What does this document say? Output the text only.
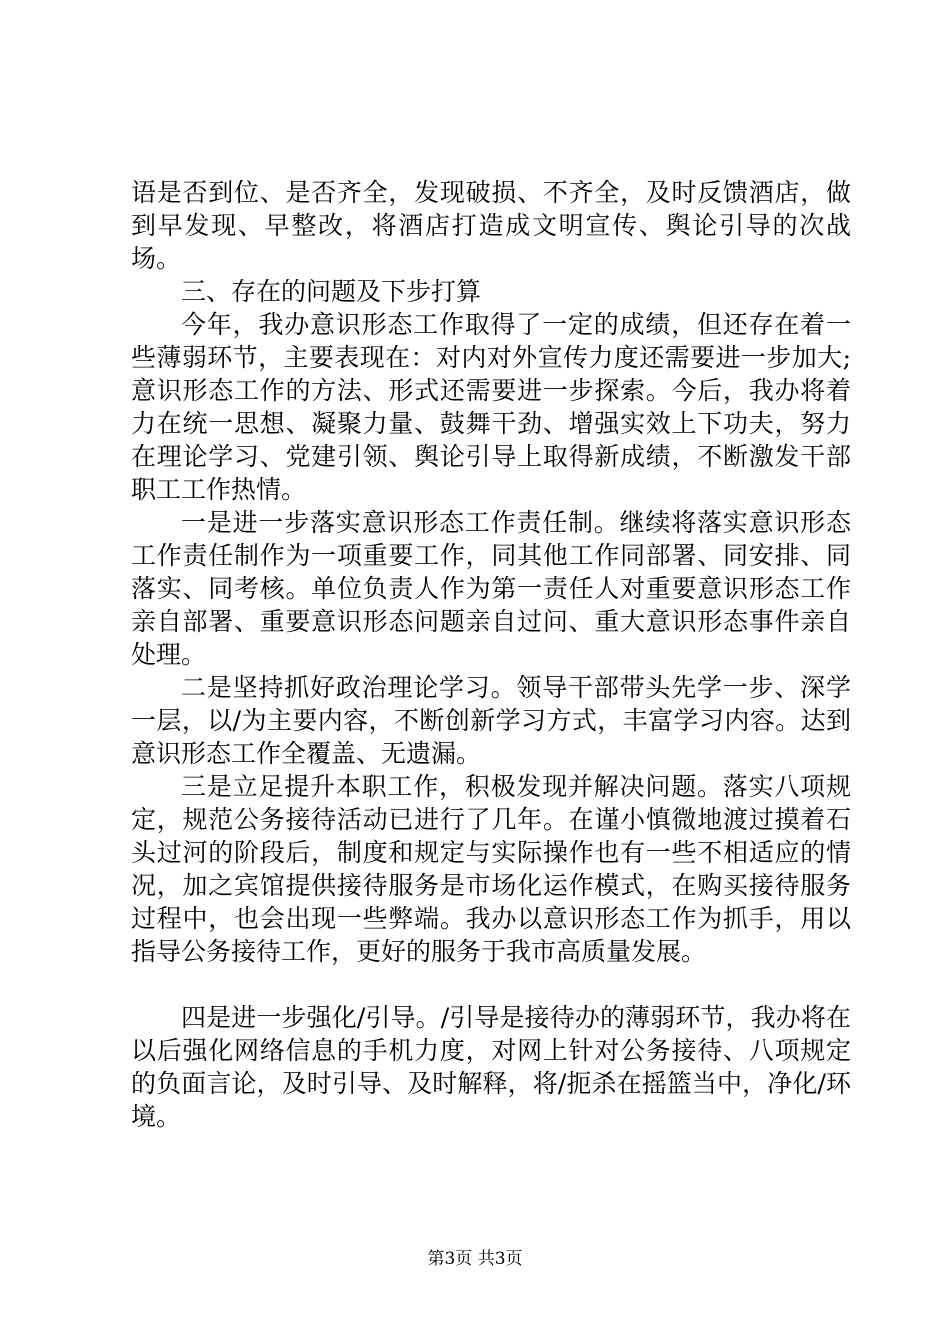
语是否到位、是否齐全，发现破损、不齐全，及时反馈酒店，做到早发现、早整改，将酒店打造成文明宣传、舆论引导的次战场。

三、存在的问题及下步打算

今年，我办意识形态工作取得了一定的成绩，但还存在着一些薄弱环节，主要表现在：对内对外宣传力度还需要进一步加大;意识形态工作的方法、形式还需要进一步探索。今后，我办将着力在统一思想、凝聚力量、鼓舞干劲、增强实效上下功夫，努力在理论学习、党建引领、舆论引导上取得新成绩，不断激发干部职工工作热情。

一是进一步落实意识形态工作责任制。继续将落实意识形态工作责任制作为一项重要工作，同其他工作同部署、同安排、同落实、同考核。单位负责人作为第一责任人对重要意识形态工作亲自部署、重要意识形态问题亲自过问、重大意识形态事件亲自处理。

二是坚持抓好政治理论学习。领导干部带头先学一步、深学一层，以/为主要内容，不断创新学习方式，丰富学习内容。达到意识形态工作全覆盖、无遗漏。

三是立足提升本职工作，积极发现并解决问题。落实八项规定，规范公务接待活动已进行了几年。在谨小慎微地渡过摸着石头过河的阶段后，制度和规定与实际操作也有一些不相适应的情况，加之宾馆提供接待服务是市场化运作模式，在购买接待服务过程中，也会出现一些弊端。我办以意识形态工作为抓手，用以指导公务接待工作，更好的服务于我市高质量发展。

四是进一步强化/引导。/引导是接待办的薄弱环节，我办将在以后强化网络信息的手机力度，对网上针对公务接待、八项规定的负面言论，及时引导、及时解释，将/扼杀在摇篮当中，净化/环境。

第3页 共3页
